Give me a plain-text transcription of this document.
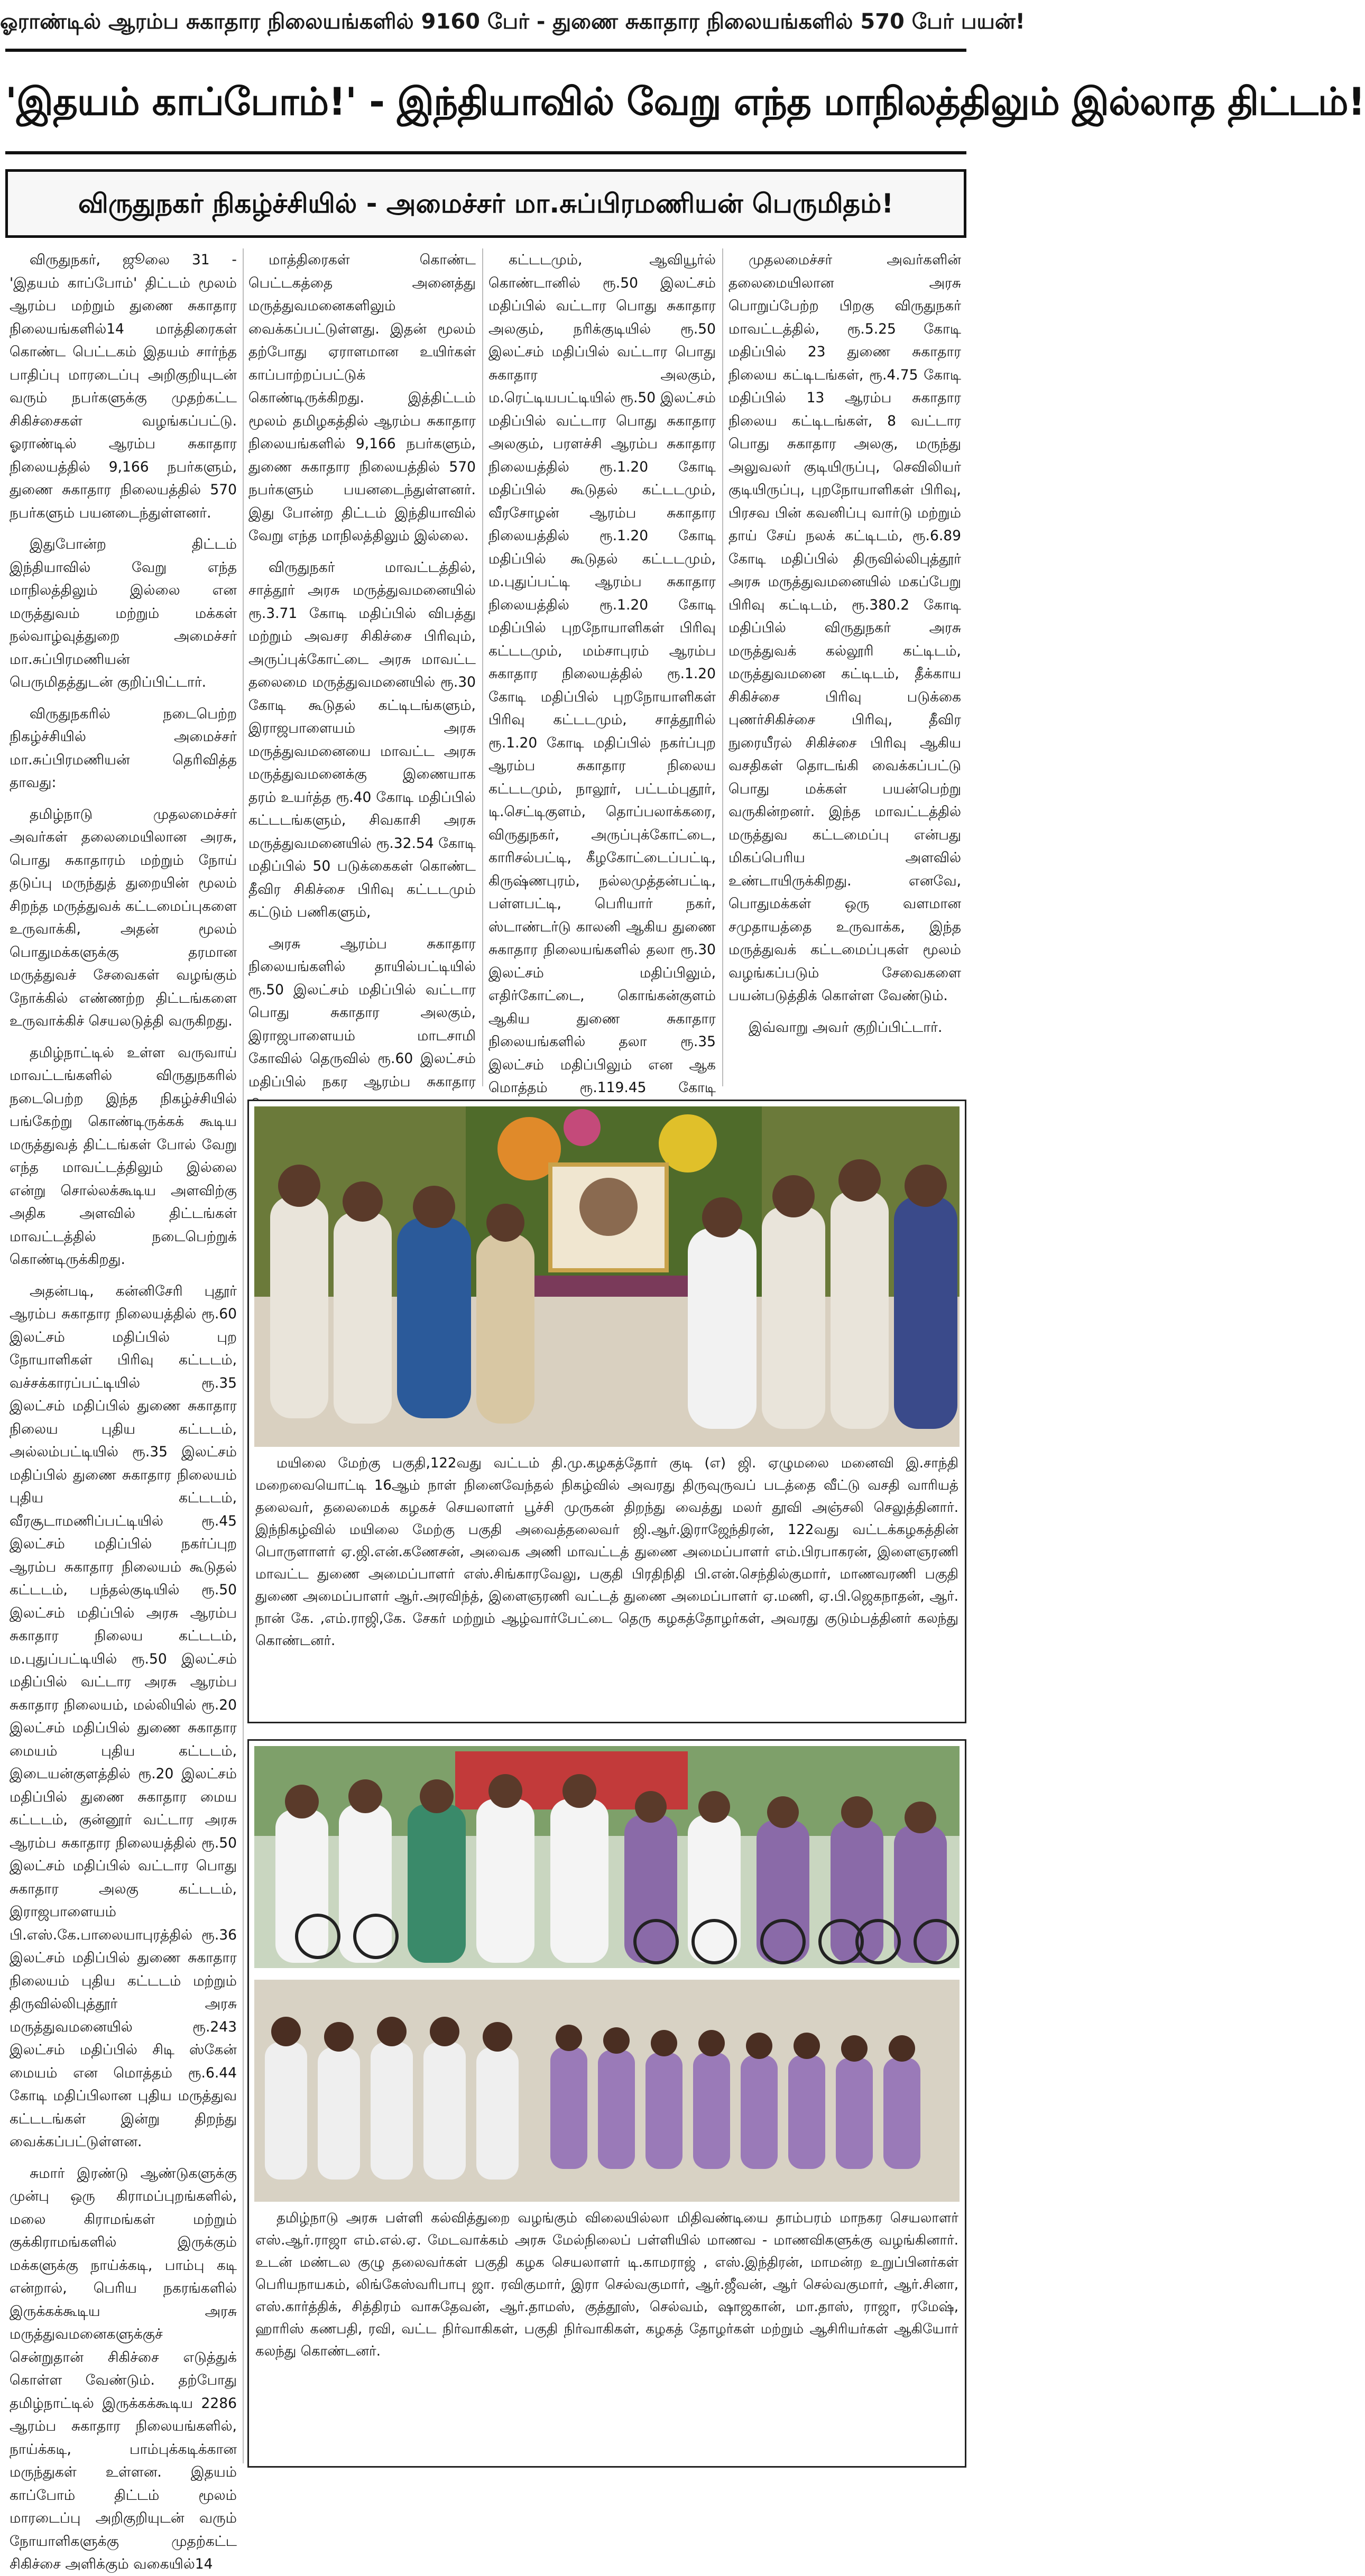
ஓராண்டில் ஆரம்ப சுகாதார நிலையங்களில் 9160 பேர் - துணை சுகாதார நிலையங்களில் 570 பேர் பயன்!
'இதயம் காப்போம்!' - இந்தியாவில் வேறு எந்த மாநிலத்திலும் இல்லாத திட்டம்!
விருதுநகர் நிகழ்ச்சியில் - அமைச்சர் மா.சுப்பிரமணியன் பெருமிதம்!

விருதுநகர், ஜூலை 31 - 'இதயம் காப்போம்' திட்டம் மூலம் ஆரம்ப மற்றும் துணை சுகாதார நிலையங்களில்14 மாத்திரைகள் கொண்ட பெட்டகம் இதயம் சார்ந்த பாதிப்பு மாரடைப்பு அறிகுறியுடன் வரும் நபர்களுக்கு முதற்கட்ட சிகிச்சைகள் வழங்கப்பட்டு. ஓராண்டில் ஆரம்ப சுகாதார நிலையத்தில் 9,166 நபர்களும், துணை சுகாதார நிலையத்தில் 570 நபர்களும் பயனடைந்துள்ளனர்.

இதுபோன்ற திட்டம் இந்தியாவில் வேறு எந்த மாநிலத்திலும் இல்லை என மருத்துவம் மற்றும் மக்கள் நல்வாழ்வுத்துறை அமைச்சர் மா.சுப்பிரமணியன் பெருமிதத்துடன் குறிப்பிட்டார்.

விருதுநகரில் நடைபெற்ற நிகழ்ச்சியில் அமைச்சர் மா.சுப்பிரமணியன் தெரிவித்த தாவது:

தமிழ்நாடு முதலமைச்சர் அவர்கள் தலைமையிலான அரசு, பொது சுகாதாரம் மற்றும் நோய் தடுப்பு மருந்துத் துறையின் மூலம் சிறந்த மருத்துவக் கட்டமைப்புகளை உருவாக்கி, அதன் மூலம் பொதுமக்களுக்கு தரமான மருத்துவச் சேவைகள் வழங்கும் நோக்கில் எண்ணற்ற திட்டங்களை உருவாக்கிச் செயலடுத்தி வருகிறது.

தமிழ்நாட்டில் உள்ள வருவாய் மாவட்டங்களில் விருதுநகரில் நடைபெற்ற இந்த நிகழ்ச்சியில் பங்கேற்று கொண்டிருக்கக் கூடிய மருத்துவத் திட்டங்கள் போல் வேறு எந்த மாவட்டத்திலும் இல்லை என்று சொல்லக்கூடிய அளவிற்கு அதிக அளவில் திட்டங்கள் மாவட்டத்தில் நடைபெற்றுக் கொண்டிருக்கிறது.

அதன்படி, கன்னிசேரி புதூர் ஆரம்ப சுகாதார நிலையத்தில் ரூ.60 இலட்சம் மதிப்பில் புற நோயாளிகள் பிரிவு கட்டடம், வச்சக்காரப்பட்டியில் ரூ.35 இலட்சம் மதிப்பில் துணை சுகாதார நிலைய புதிய கட்டடம், அல்லம்பட்டியில் ரூ.35 இலட்சம் மதிப்பில் துணை சுகாதார நிலையம் புதிய கட்டடம், வீரசூடாமணிப்பட்டியில் ரூ.45 இலட்சம் மதிப்பில் நகர்ப்புற ஆரம்ப சுகாதார நிலையம் கூடுதல் கட்டடம், பந்தல்குடியில் ரூ.50 இலட்சம் மதிப்பில் அரசு ஆரம்ப சுகாதார நிலைய கட்டடம், ம.புதுப்பட்டியில் ரூ.50 இலட்சம் மதிப்பில் வட்டார அரசு ஆரம்ப சுகாதார நிலையம், மல்லியில் ரூ.20 இலட்சம் மதிப்பில் துணை சுகாதார மையம் புதிய கட்டடம், இடையன்குளத்தில் ரூ.20 இலட்சம் மதிப்பில் துணை சுகாதார மைய கட்டடம், குன்னூர் வட்டார அரசு ஆரம்ப சுகாதார நிலையத்தில் ரூ.50 இலட்சம் மதிப்பில் வட்டார பொது சுகாதார அலகு கட்டடம், இராஜபாளையம் பி.எஸ்.கே.பாலையாபுரத்தில் ரூ.36 இலட்சம் மதிப்பில் துணை சுகாதார நிலையம் புதிய கட்டடம் மற்றும் திருவில்லிபுத்தூர் அரசு மருத்துவமனையில் ரூ.243 இலட்சம் மதிப்பில் சிடி ஸ்கேன் மையம் என மொத்தம் ரூ.6.44 கோடி மதிப்பிலான புதிய மருத்துவ கட்டடங்கள் இன்று திறந்து வைக்கப்பட்டுள்ளன.

சுமார் இரண்டு ஆண்டுகளுக்கு முன்பு ஒரு கிராமப்புறங்களில், மலை கிராமங்கள் மற்றும் குக்கிராமங்களில் இருக்கும் மக்களுக்கு நாய்க்கடி, பாம்பு கடி என்றால், பெரிய நகரங்களில் இருக்கக்கூடிய அரசு மருத்துவமனைகளுக்குச் சென்றுதான் சிகிச்சை எடுத்துக் கொள்ள வேண்டும். தற்போது தமிழ்நாட்டில் இருக்கக்கூடிய 2286 ஆரம்ப சுகாதார நிலையங்களில், நாய்க்கடி, பாம்புக்கடிக்கான மருந்துகள் உள்ளன. இதயம் காப்போம் திட்டம் மூலம் மாரடைப்பு அறிகுறியுடன் வரும் நோயாளிகளுக்கு முதற்கட்ட சிகிச்சை அளிக்கும் வகையில்14

மாத்திரைகள் கொண்ட பெட்டகத்தை அனைத்து மருத்துவமனைகளிலும் வைக்கப்பட்டுள்ளது. இதன் மூலம் தற்போது ஏராளமான உயிர்கள் காப்பாற்றப்பட்டுக் கொண்டிருக்கிறது. இத்திட்டம் மூலம் தமிழகத்தில் ஆரம்ப சுகாதார நிலையங்களில் 9,166 நபர்களும், துணை சுகாதார நிலையத்தில் 570 நபர்களும் பயனடைந்துள்ளனர். இது போன்ற திட்டம் இந்தியாவில் வேறு எந்த மாநிலத்திலும் இல்லை.

விருதுநகர் மாவட்டத்தில், சாத்தூர் அரசு மருத்துவமனையில் ரூ.3.71 கோடி மதிப்பில் விபத்து மற்றும் அவசர சிகிச்சை பிரிவும், அருப்புக்கோட்டை அரசு மாவட்ட தலைமை மருத்துவமனையில் ரூ.30 கோடி கூடுதல் கட்டிடங்களும், இராஜபாளையம் அரசு மருத்துவமனையை மாவட்ட அரசு மருத்துவமனைக்கு இணையாக தரம் உயர்த்த ரூ.40 கோடி மதிப்பில் கட்டடங்களும், சிவகாசி அரசு மருத்துவமனையில் ரூ.32.54 கோடி மதிப்பில் 50 படுக்கைகள் கொண்ட தீவிர சிகிச்சை பிரிவு கட்டடமும் கட்டும் பணிகளும்,

அரசு ஆரம்ப சுகாதார நிலையங்களில் தாயில்பட்டியில் ரூ.50 இலட்சம் மதிப்பில் வட்டார பொது சுகாதார அலகும், இராஜபாளையம் மாடசாமி கோவில் தெருவில் ரூ.60 இலட்சம் மதிப்பில் நகர ஆரம்ப சுகாதார

கட்டடமும், ஆவியூர்ல் கொண்டானில் ரூ.50 இலட்சம் மதிப்பில் வட்டார பொது சுகாதார அலகும், நரிக்குடியில் ரூ.50 இலட்சம் மதிப்பில் வட்டார பொது சுகாதார அலகும், ம.ரெட்டியபட்டியில் ரூ.50 இலட்சம் மதிப்பில் வட்டார பொது சுகாதார அலகும், பரளச்சி ஆரம்ப சுகாதார நிலையத்தில் ரூ.1.20 கோடி மதிப்பில் கூடுதல் கட்டடமும், வீரசோழன் ஆரம்ப சுகாதார நிலையத்தில் ரூ.1.20 கோடி மதிப்பில் கூடுதல் கட்டடமும், ம.புதுப்பட்டி ஆரம்ப சுகாதார நிலையத்தில் ரூ.1.20 கோடி மதிப்பில் புறநோயாளிகள் பிரிவு கட்டடமும், மம்சாபுரம் ஆரம்ப சுகாதார நிலையத்தில் ரூ.1.20 கோடி மதிப்பில் புறநோயாளிகள் பிரிவு கட்டடமும், சாத்தூரில் ரூ.1.20 கோடி மதிப்பில் நகர்ப்புற ஆரம்ப சுகாதார நிலைய கட்டடமும், நாலூர், பட்டம்புதூர், டி.செட்டிகுளம், தொப்பலாக்கரை, விருதுநகர், அருப்புக்கோட்டை, காரிசல்பட்டி, கீழகோட்டைப்பட்டி, கிருஷ்ணபுரம், நல்லமுத்தன்பட்டி, பள்ளபட்டி, பெரியார் நகர், ஸ்டாண்டர்டு காலனி ஆகிய துணை சுகாதார நிலையங்களில் தலா ரூ.30 இலட்சம் மதிப்பிலும், எதிர்கோட்டை, கொங்கன்குளம் ஆகிய துணை சுகாதார நிலையங்களில் தலா ரூ.35 இலட்சம் மதிப்பிலும் என ஆக மொத்தம் ரூ.119.45 கோடி

முதலமைச்சர் அவர்களின் தலைமையிலான அரசு பொறுப்பேற்ற பிறகு விருதுநகர் மாவட்டத்தில், ரூ.5.25 கோடி மதிப்பில் 23 துணை சுகாதார நிலைய கட்டிடங்கள், ரூ.4.75 கோடி மதிப்பில் 13 ஆரம்ப சுகாதார நிலைய கட்டிடங்கள், 8 வட்டார பொது சுகாதார அலகு, மருந்து அலுவலர் குடியிருப்பு, செவிலியர் குடியிருப்பு, புறநோயாளிகள் பிரிவு, பிரசவ பின் கவனிப்பு வார்டு மற்றும் தாய் சேய் நலக் கட்டிடம், ரூ.6.89 கோடி மதிப்பில் திருவில்லிபுத்தூர் அரசு மருத்துவமனையில் மகப்பேறு பிரிவு கட்டிடம், ரூ.380.2 கோடி மதிப்பில் விருதுநகர் அரசு மருத்துவக் கல்லூரி கட்டிடம், மருத்துவமனை கட்டிடம், தீக்காய சிகிச்சை பிரிவு படுக்கை புணர்சிகிச்சை பிரிவு, தீவிர நுரையீரல் சிகிச்சை பிரிவு ஆகிய வசதிகள் தொடங்கி வைக்கப்பட்டு பொது மக்கள் பயன்பெற்று வருகின்றனர். இந்த மாவட்டத்தில் மருத்துவ கட்டமைப்பு என்பது மிகப்பெரிய அளவில் உண்டாயிருக்கிறது. எனவே, பொதுமக்கள் ஒரு வளமான சமுதாயத்தை உருவாக்க, இந்த மருத்துவக் கட்டமைப்புகள் மூலம் வழங்கப்படும் சேவைகளை பயன்படுத்திக் கொள்ள வேண்டும்.

இவ்வாறு அவர் குறிப்பிட்டார்.

மயிலை மேற்கு பகுதி,122வது வட்டம் தி.மு.கழகத்தோர் குடி (எ) ஜி. ஏழுமலை மனைவி இ.சாந்தி மறைவையொட்டி 16ஆம் நாள் நினைவேந்தல் நிகழ்வில் அவரது திருவுருவப் படத்தை வீட்டு வசதி வாரியத் தலைவர், தலைமைக் கழகச் செயலாளர் பூச்சி முருகன் திறந்து வைத்து மலர் தூவி அஞ்சலி செலுத்தினார். இந்நிகழ்வில் மயிலை மேற்கு பகுதி அவைத்தலைவர் ஜி.ஆர்.இராஜேந்திரன், 122வது வட்டக்கழகத்தின் பொருளாளர் ஏ.ஜி.என்.கணேசன், அவைக அணி மாவட்டத் துணை அமைப்பாளர் எம்.பிரபாகரன், இளைஞரணி மாவட்ட துணை அமைப்பாளர் எஸ்.சிங்காரவேலு, பகுதி பிரதிநிதி பி.என்.செந்தில்குமார், மாணவரணி பகுதி துணை அமைப்பாளர் ஆர்.அரவிந்த், இளைஞரணி வட்டத் துணை அமைப்பாளர் ஏ.மணி, ஏ.பி.ஜெகநாதன், ஆர். நான் கே. ,எம்.ராஜி,கே. சேகர் மற்றும் ஆழ்வார்பேட்டை தெரு கழகத்தோழர்கள், அவரது குடும்பத்தினர் கலந்து கொண்டனர்.
தமிழ்நாடு அரசு பள்ளி கல்வித்துறை வழங்கும் விலையில்லா மிதிவண்டியை தாம்பரம் மாநகர செயலாளர் எஸ்.ஆர்.ராஜா எம்.எல்.ஏ. மேடவாக்கம் அரசு மேல்நிலைப் பள்ளியில் மாணவ - மாணவிகளுக்கு வழங்கினார். உடன் மண்டல குழு தலைவர்கள் பகுதி கழக செயலாளர் டி.காமராஜ் , எஸ்.இந்திரன், மாமன்ற உறுப்பினர்கள் பெரியநாயகம், லிங்கேஸ்வரிபாபு ஜா. ரவிகுமார், இரா செல்வகுமார், ஆர்.ஜீவன், ஆர் செல்வகுமார், ஆர்.சினா, எஸ்.கார்த்திக், சித்திரம் வாசுதேவன், ஆர்.தாமஸ், குத்தூஸ், செல்வம், ஷாஜகான், மா.தாஸ், ராஜா, ரமேஷ், ஹாரிஸ் கணபதி, ரவி, வட்ட நிர்வாகிகள், பகுதி நிர்வாகிகள், கழகத் தோழர்கள் மற்றும் ஆசிரியர்கள் ஆகியோர் கலந்து கொண்டனர்.
